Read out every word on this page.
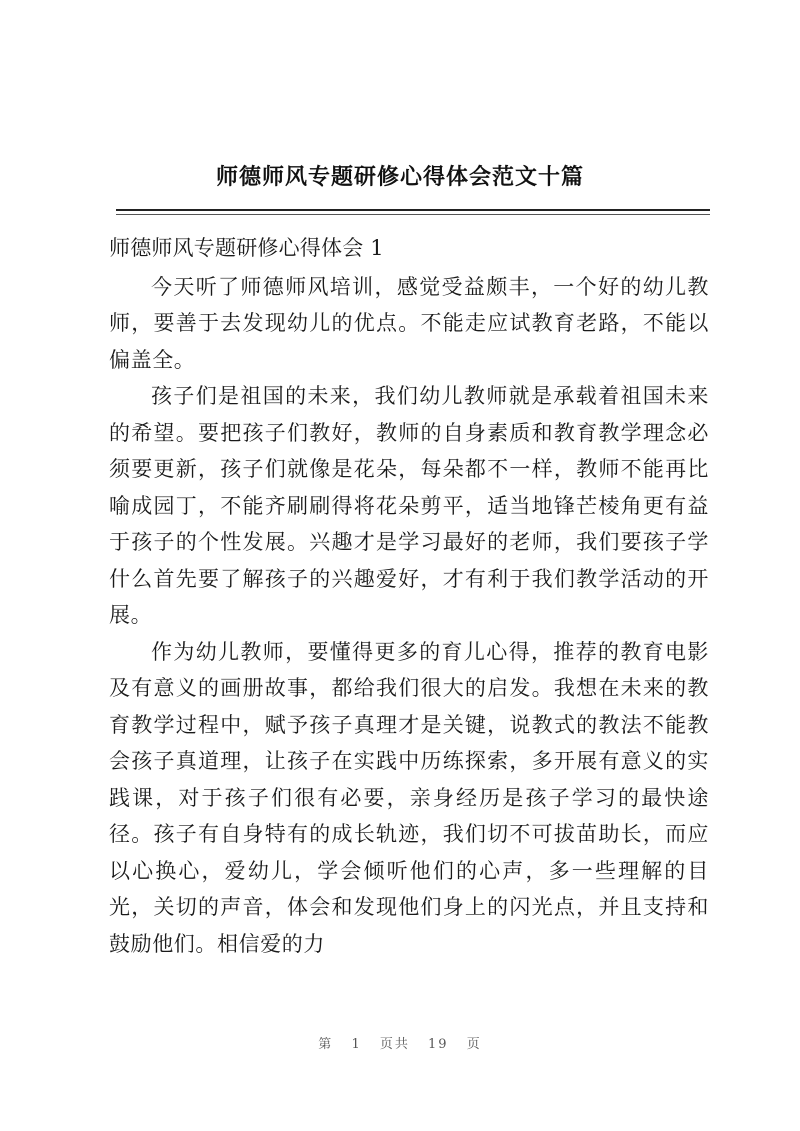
师德师风专题研修心得体会范文十篇
师德师风专题研修心得体会 1

今天听了师德师风培训，感觉受益颇丰，一个好的幼儿教师，要善于去发现幼儿的优点。不能走应试教育老路，不能以偏盖全。

孩子们是祖国的未来，我们幼儿教师就是承载着祖国未来的希望。要把孩子们教好，教师的自身素质和教育教学理念必须要更新，孩子们就像是花朵，每朵都不一样，教师不能再比喻成园丁，不能齐刷刷得将花朵剪平，适当地锋芒棱角更有益于孩子的个性发展。兴趣才是学习最好的老师，我们要孩子学什么首先要了解孩子的兴趣爱好，才有利于我们教学活动的开展。

作为幼儿教师，要懂得更多的育儿心得，推荐的教育电影及有意义的画册故事，都给我们很大的启发。我想在未来的教育教学过程中，赋予孩子真理才是关键，说教式的教法不能教会孩子真道理，让孩子在实践中历练探索，多开展有意义的实践课，对于孩子们很有必要，亲身经历是孩子学习的最快途径。孩子有自身特有的成长轨迹，我们切不可拔苗助长，而应以心换心，爱幼儿，学会倾听他们的心声，多一些理解的目光，关切的声音，体会和发现他们身上的闪光点，并且支持和鼓励他们。相信爱的力

第 1 页共 19 页
